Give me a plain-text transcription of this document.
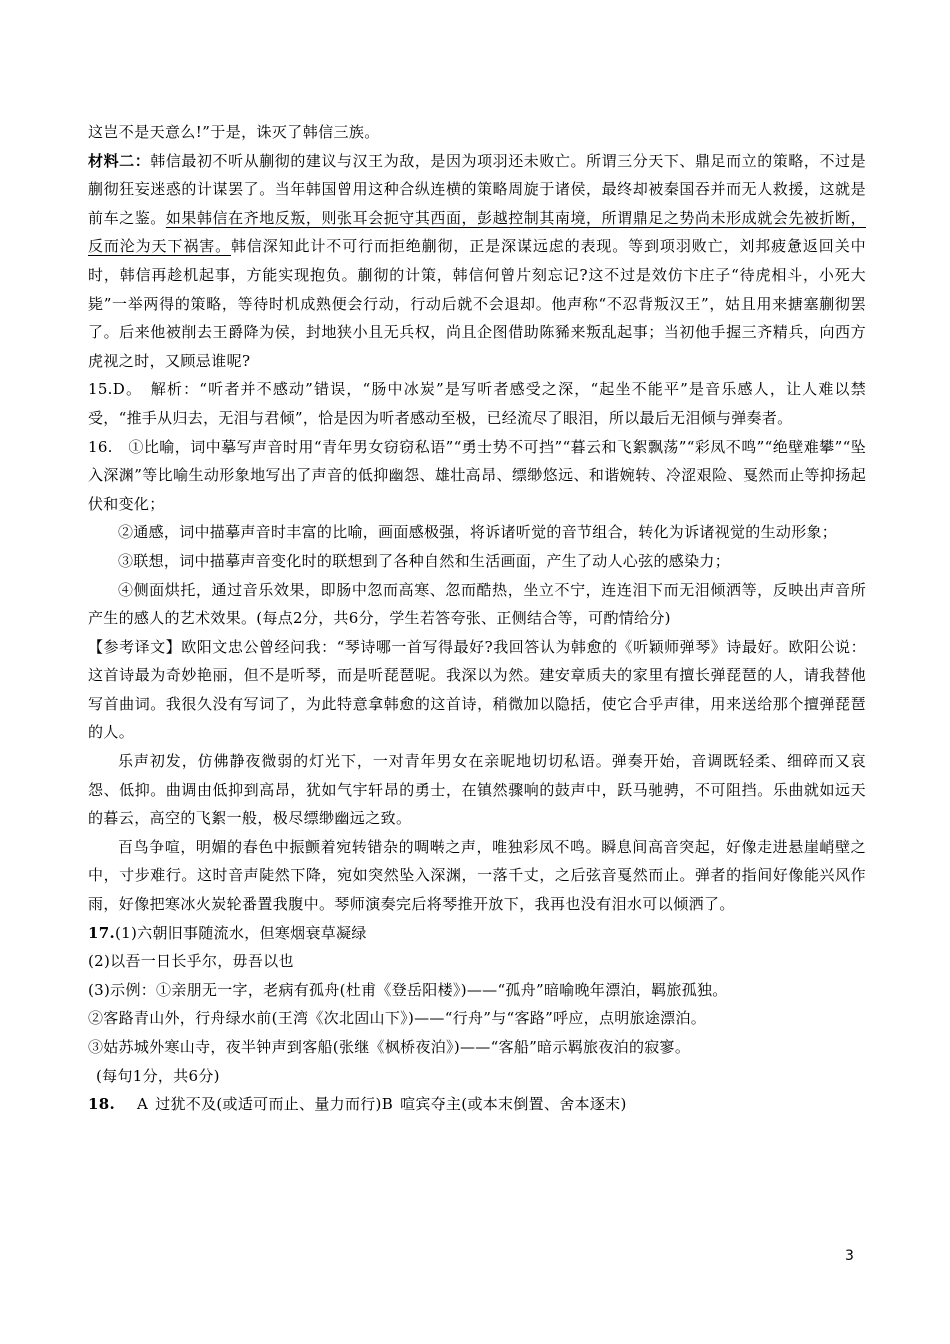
这岂不是天意么!”于是，诛灭了韩信三族。

材料二：韩信最初不听从蒯彻的建议与汉王为敌，是因为项羽还未败亡。所谓三分天下、鼎足而立的策略，不过是蒯彻狂妄迷惑的计谋罢了。当年韩国曾用这种合纵连横的策略周旋于诸侯，最终却被秦国吞并而无人救援，这就是前车之鉴。如果韩信在齐地反叛，则张耳会扼守其西面，彭越控制其南境，所谓鼎足之势尚未形成就会先被折断，反而沦为天下祸害。韩信深知此计不可行而拒绝蒯彻，正是深谋远虑的表现。等到项羽败亡，刘邦疲惫返回关中时，韩信再趁机起事，方能实现抱负。蒯彻的计策，韩信何曾片刻忘记?这不过是效仿卞庄子“待虎相斗，小死大毙”一举两得的策略，等待时机成熟便会行动，行动后就不会退却。他声称“不忍背叛汉王”，姑且用来搪塞蒯彻罢了。后来他被削去王爵降为侯，封地狭小且无兵权，尚且企图借助陈豨来叛乱起事；当初他手握三齐精兵，向西方虎视之时，又顾忌谁呢?

15.D。　解析：“听者并不感动”错误，“肠中冰炭”是写听者感受之深，“起坐不能平”是音乐感人，让人难以禁受，“推手从归去，无泪与君倾”，恰是因为听者感动至极，已经流尽了眼泪，所以最后无泪倾与弹奏者。

16.　①比喻，词中摹写声音时用“青年男女窃窃私语”“勇士势不可挡”“暮云和飞絮飘荡”“彩凤不鸣”“绝壁难攀”“坠入深渊”等比喻生动形象地写出了声音的低抑幽怨、雄壮高昂、缥缈悠远、和谐婉转、冷涩艰险、戛然而止等抑扬起伏和变化；

②通感，词中描摹声音时丰富的比喻，画面感极强，将诉诸听觉的音节组合，转化为诉诸视觉的生动形象；

③联想，词中描摹声音变化时的联想到了各种自然和生活画面，产生了动人心弦的感染力；

④侧面烘托，通过音乐效果，即肠中忽而高寒、忽而酷热，坐立不宁，连连泪下而无泪倾洒等，反映出声音所产生的感人的艺术效果。(每点2分，共6分，学生若答夸张、正侧结合等，可酌情给分)

【参考译文】欧阳文忠公曾经问我：“琴诗哪一首写得最好?我回答认为韩愈的《听颖师弹琴》诗最好。欧阳公说：这首诗最为奇妙艳丽，但不是听琴，而是听琵琶呢。我深以为然。建安章质夫的家里有擅长弹琵琶的人，请我替他写首曲词。我很久没有写词了，为此特意拿韩愈的这首诗，稍微加以隐括，使它合乎声律，用来送给那个擅弹琵琶的人。

乐声初发，仿佛静夜微弱的灯光下，一对青年男女在亲昵地切切私语。弹奏开始，音调既轻柔、细碎而又哀怨、低抑。曲调由低抑到高昂，犹如气宇轩昂的勇士，在镇然骤响的鼓声中，跃马驰骋，不可阻挡。乐曲就如远天的暮云，高空的飞絮一般，极尽缥缈幽远之致。

百鸟争喧，明媚的春色中振颤着宛转错杂的啁啭之声，唯独彩凤不鸣。瞬息间高音突起，好像走进悬崖峭壁之中，寸步难行。这时音声陡然下降，宛如突然坠入深渊，一落千丈，之后弦音戛然而止。弹者的指间好像能兴风作雨，好像把寒冰火炭轮番置我腹中。琴师演奏完后将琴推开放下，我再也没有泪水可以倾洒了。

17.(1)六朝旧事随流水，但寒烟衰草凝绿

(2)以吾一日长乎尔，毋吾以也

(3)示例：①亲朋无一字，老病有孤舟(杜甫《登岳阳楼》)——“孤舟”暗喻晚年漂泊，羁旅孤独。

②客路青山外，行舟绿水前(王湾《次北固山下》)——“行舟”与“客路”呼应，点明旅途漂泊。

③姑苏城外寒山寺，夜半钟声到客船(张继《枫桥夜泊》)——“客船”暗示羁旅夜泊的寂寥。

(每句1分，共6分)

18. A 过犹不及(或适可而止、量力而行)B 喧宾夺主(或本末倒置、舍本逐末)

3
